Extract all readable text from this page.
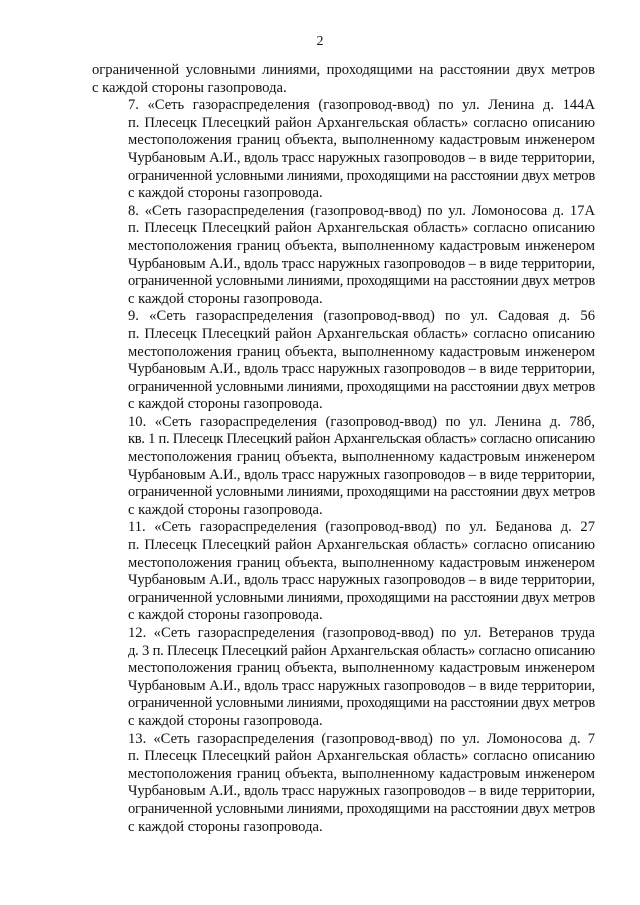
2
ограниченной условными линиями, проходящими на расстоянии двух метров
с каждой стороны газопровода.
7. «Сеть газораспределения (газопровод-ввод) по ул. Ленина д. 144А
п. Плесецк Плесецкий район Архангельская область» согласно описанию
местоположения границ объекта, выполненному кадастровым инженером
Чурбановым А.И., вдоль трасс наружных газопроводов – в виде территории,
ограниченной условными линиями, проходящими на расстоянии двух метров
с каждой стороны газопровода.
8. «Сеть газораспределения (газопровод-ввод) по ул. Ломоносова д. 17А
п. Плесецк Плесецкий район Архангельская область» согласно описанию
местоположения границ объекта, выполненному кадастровым инженером
Чурбановым А.И., вдоль трасс наружных газопроводов – в виде территории,
ограниченной условными линиями, проходящими на расстоянии двух метров
с каждой стороны газопровода.
9. «Сеть газораспределения (газопровод-ввод) по ул. Садовая д. 56
п. Плесецк Плесецкий район Архангельская область» согласно описанию
местоположения границ объекта, выполненному кадастровым инженером
Чурбановым А.И., вдоль трасс наружных газопроводов – в виде территории,
ограниченной условными линиями, проходящими на расстоянии двух метров
с каждой стороны газопровода.
10. «Сеть газораспределения (газопровод-ввод) по ул. Ленина д. 78б,
кв. 1 п. Плесецк Плесецкий район Архангельская область» согласно описанию
местоположения границ объекта, выполненному кадастровым инженером
Чурбановым А.И., вдоль трасс наружных газопроводов – в виде территории,
ограниченной условными линиями, проходящими на расстоянии двух метров
с каждой стороны газопровода.
11. «Сеть газораспределения (газопровод-ввод) по ул. Беданова д. 27
п. Плесецк Плесецкий район Архангельская область» согласно описанию
местоположения границ объекта, выполненному кадастровым инженером
Чурбановым А.И., вдоль трасс наружных газопроводов – в виде территории,
ограниченной условными линиями, проходящими на расстоянии двух метров
с каждой стороны газопровода.
12. «Сеть газораспределения (газопровод-ввод) по ул. Ветеранов труда
д. 3 п. Плесецк Плесецкий район Архангельская область» согласно описанию
местоположения границ объекта, выполненному кадастровым инженером
Чурбановым А.И., вдоль трасс наружных газопроводов – в виде территории,
ограниченной условными линиями, проходящими на расстоянии двух метров
с каждой стороны газопровода.
13. «Сеть газораспределения (газопровод-ввод) по ул. Ломоносова д. 7
п. Плесецк Плесецкий район Архангельская область» согласно описанию
местоположения границ объекта, выполненному кадастровым инженером
Чурбановым А.И., вдоль трасс наружных газопроводов – в виде территории,
ограниченной условными линиями, проходящими на расстоянии двух метров
с каждой стороны газопровода.
